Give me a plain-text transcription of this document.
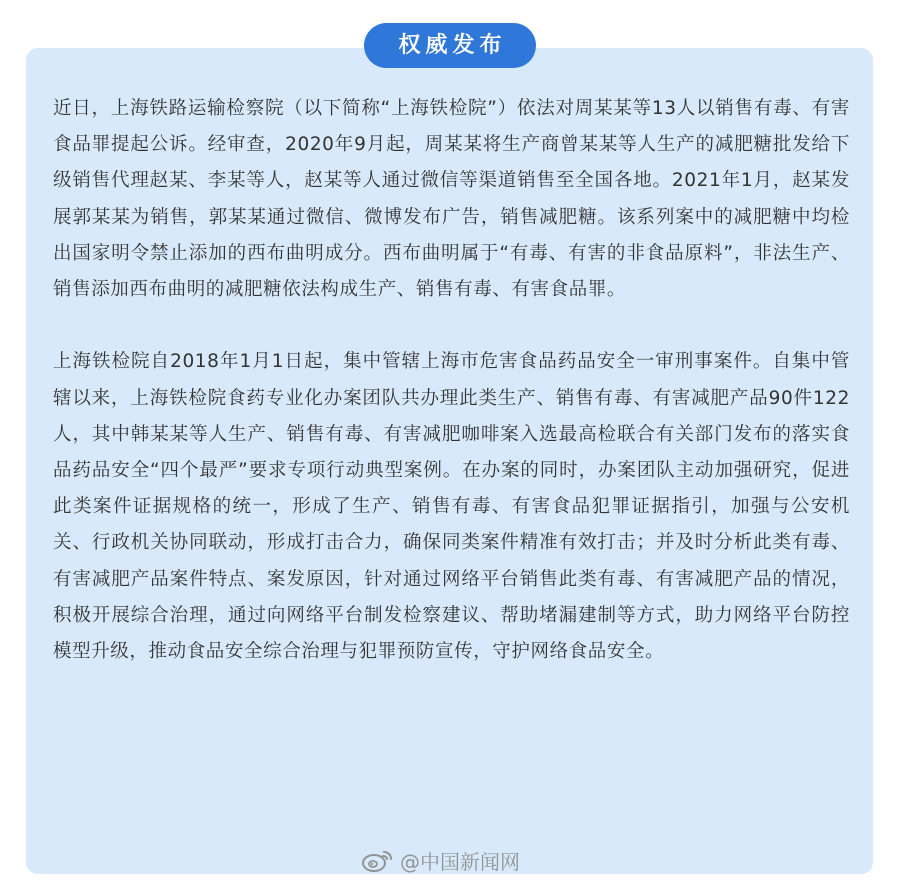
权威发布

近日，上海铁路运输检察院（以下简称“上海铁检院”）依法对周某某等13人以销售有毒、有害食品罪提起公诉。经审查，2020年9月起，周某某将生产商曾某某等人生产的减肥糖批发给下级销售代理赵某、李某等人，赵某等人通过微信等渠道销售至全国各地。2021年1月，赵某发展郭某某为销售，郭某某通过微信、微博发布广告，销售减肥糖。该系列案中的减肥糖中均检出国家明令禁止添加的西布曲明成分。西布曲明属于“有毒、有害的非食品原料”，非法生产、销售添加西布曲明的减肥糖依法构成生产、销售有毒、有害食品罪。

上海铁检院自2018年1月1日起，集中管辖上海市危害食品药品安全一审刑事案件。自集中管辖以来，上海铁检院食药专业化办案团队共办理此类生产、销售有毒、有害减肥产品90件122人，其中韩某某等人生产、销售有毒、有害减肥咖啡案入选最高检联合有关部门发布的落实食品药品安全“四个最严”要求专项行动典型案例。在办案的同时，办案团队主动加强研究，促进此类案件证据规格的统一，形成了生产、销售有毒、有害食品犯罪证据指引，加强与公安机关、行政机关协同联动，形成打击合力，确保同类案件精准有效打击；并及时分析此类有毒、有害减肥产品案件特点、案发原因，针对通过网络平台销售此类有毒、有害减肥产品的情况，积极开展综合治理，通过向网络平台制发检察建议、帮助堵漏建制等方式，助力网络平台防控模型升级，推动食品安全综合治理与犯罪预防宣传，守护网络食品安全。

@中国新闻网
